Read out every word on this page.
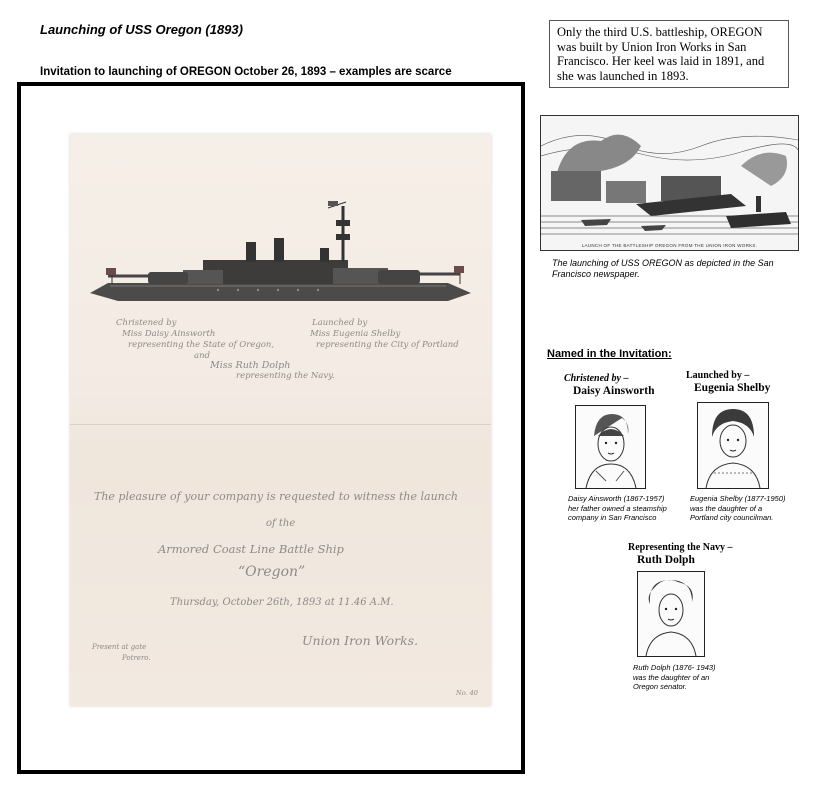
Launching of USS Oregon (1893)
Invitation to launching of OREGON October 26, 1893 – examples are scarce
Christened by
Miss Daisy Ainsworth
representing the State of Oregon,
and
Launched by
Miss Eugenia Shelby
representing the City of Portland
Miss Ruth Dolph
representing the Navy.
The pleasure of your company is requested to witness the launch
of the
Armored Coast Line Battle Ship
“Oregon”
Thursday, October 26th, 1893 at 11.46 A.M.
Union Iron Works.
Present at gate
Potrero.
No. 40
Only the third U.S. battleship, OREGON was built by Union Iron Works in San Francisco. Her keel was laid in 1891, and she was launched in 1893.
LAUNCH OF THE BATTLESHIP OREGON FROM THE UNION IRON WORKS.
The launching of USS OREGON as depicted in the San Francisco newspaper.
Named in the Invitation:
Christened by –
Daisy Ainsworth
Daisy Ainsworth (1867-1957)
her father owned a steamship
company in San Francisco
Launched by –
Eugenia Shelby
Eugenia Shelby (1877-1950)
was the daughter of a
Portland city councilman.
Representing the Navy –
Ruth Dolph
Ruth Dolph (1876- 1943)
was the daughter of an
Oregon senator.
